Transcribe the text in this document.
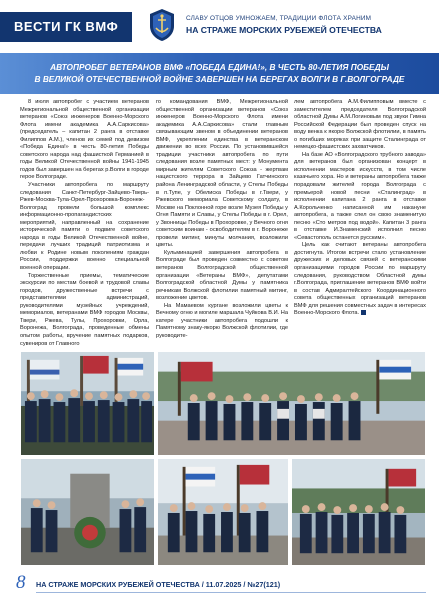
ВЕСТИ ГК ВМФ
СЛАВУ ОТЦОВ УМНОЖАЕМ, ТРАДИЦИИ ФЛОТА ХРАНИМ
НА СТРАЖЕ МОРСКИХ РУБЕЖЕЙ ОТЕЧЕСТВА
АВТОПРОБЕГ ВЕТЕРАНОВ ВМФ «ПОБЕДА ЕДИНА!», В ЧЕСТЬ 80-ЛЕТИЯ ПОБЕДЫ
В ВЕЛИКОЙ ОТЕЧЕСТВЕННОЙ ВОЙНЕ ЗАВЕРШЕН НА БЕРЕГАХ ВОЛГИ В Г.ВОЛГОГРАДЕ

8 июля автопробег с участием ветеранов Межрегиональной общественной организации ветеранов «Союз инженеров Военно-Морского Флота имени академика А.А.Саркисова» (председатель – капитан 2 ранга в отставке Филиппов А.М.), членов их семей под девизом «Победа Едина!» в честь 80-летия Победы советского народа над фашисткой Германией в годы Великой Отечественной войны 1941-1945 годов был завершен на берегах р.Волги в городе герое Волгограде.

Участники автопробега по маршруту следования Санкт-Петербург-Зайцево-Тверь-Ржев-Москва-Тула-Орел-Прохоровка-Воронеж-Волгоград провели большой комплекс информационно-пропагандистских мероприятий, направленный на сохранение исторической памяти о подвиге советского народа в годы Великой Отечественной войне, передачи лучших традиций патриотизма и любви к Родине новым поколениям граждан России, поддержки военно специальной военной операции.

Торжественные приемы, тематические экскурсии по местам боевой и трудовой славы городов, дружественные встречи с представителями администраций, руководителями музейных учреждений, мемориалов, ветеранами ВМФ городов Москвы, Твери, Ржева, Тулы, Прохоровки, Орла, Воронежа, Волгограда, проведенные обмены опытом работы, вручение памятных подарков, сувениров от Главного

го командования ВМФ, Межрегиональной общественной организации ветеранов «Союз инженеров Военно-Морского Флота имени академика А.А.Саркисова» стали главным связывающим звеном в объединении ветеранов ВМФ, укреплении единства в ветеранском движении во всех России. По установившейся традиции участники автопробега по пути следования возле памятных мест: у Монумента мирным жителям Советского Союза - жертвам нацистского террора в Зайцево Гатчинского района Ленинградской области, у Стелы Победы в п.Тупе, у Обелиска Победы в г.Твери, у Ржевского мемориала Советскому солдату, в Москве на Поклонной горе возле Музея Победы у Огня Памяти и Славы, у Стелы Победы в г. Орел, у Звонницы Победы в Прохоровке, у Вечного огня советским воинам - освободителям в г. Воронеже провели митинг, минуты молчания, возложили цветы.

Кульминацией завершения автопробега в Волгограде был проведен совместно с советом ветеранов Волгоградской общественной организации «Ветераны ВМФ», депутатами Волгоградской областной Думы у памятника речникам Волжской флотилии памятный митинг, возложение цветов.

На Мамаевом кургане возложили цветы к Вечному огню и могиле маршала Чуйкова В.И. На катере участники автопробега подошли к Памятному знаку-якорю Волжской флотилии, где руководите-

лем автопробега А.М.Филипповым вместе с заместителем председателя Волгоградской областной Думы А.М.Логиновым под звуки Гимна Российской Федерации был проведен спуск на воду венка к якорю Волжской флотилии, в память о погибших моряках при защите Сталинграда от немецко-фашистских захватчиков.

На базе АО «Волгоградского трубного завода» для ветеранов был организован концерт в исполнении мастеров искусств, в том числе казачьего хора. Но и ветераны автопробега также порадовали жителей города Волгограда с премьерой новой песни «Сталинград» в исполнении капитана 2 ранга в отставке А.Корольченко написанной им накануне автопробега, а также спел он свою знаменитую песню «Сто метров под водой». Капитан 3 ранга в отставке И.Знаменский исполнил песню «Севастополь останется русским».

Цель как считают ветераны автопробега достигнута. Итогом встречи стало установление дружеских и деловых связей с ветеранскими организациями городов России по маршруту следования, руководством Областной думы г.Волгограда, приглашение ветеранов ВМФ войти в состав Адмиралтейского Координационного совета общественных организаций ветеранов ВМФ для решения совместных задач в интересах Военно-Морского Флота.

8 НА СТРАЖЕ МОРСКИХ РУБЕЖЕЙ ОТЕЧЕСТВА / 11.07.2025 / №27(121)
